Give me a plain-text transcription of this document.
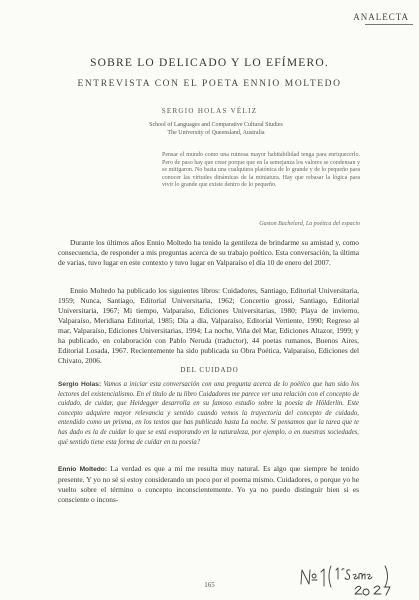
ANALECTA
SOBRE LO DELICADO Y LO EFÍMERO.
ENTREVISTA CON EL POETA ENNIO MOLTEDO
SERGIO HOLAS VÉLIZ
School of Languages and Comparative Cultural Studies
The University of Queensland, Australia
Pensar el mundo como una ruinosa mayor habitabilidad tenga para enriquecerlo. Pero de paso hay que crear porque que en la semejanza los valores se condensan y se mitigaron. No basta una cualquiera platónica de lo grande y de lo pequeño para conocer las virtudes dinámicas de la miniatura. Hay que rebasar la lógica para vivir lo grande que existe dentro de lo pequeño.
Gaston Bachelard, La poética del espacio
Durante los últimos años Ennio Moltedo ha tenido la gentileza de brindarme su amistad y, como consecuencia, de responder a mis preguntas acerca de su trabajo poético. Esta conversación, la última de varias, tuvo lugar en este contexto y tuvo lugar en Valparaíso el día 10 de enero del 2007.
Ennio Moltedo ha publicado los siguientes libros: Cuidadores, Santiago, Editorial Universitaria, 1959; Nunca, Santiago, Editorial Universitaria, 1962; Concertio grossi, Santiago, Editorial Universitaria, 1967; Mi tiempo, Valparaíso, Ediciones Universitarias, 1980; Playa de invierno, Valparaíso, Meridiana Editorial, 1985; Día a día, Valparaíso, Editorial Vertiente, 1990; Regreso al mar, Valparaíso, Ediciones Universitarias, 1994; La noche, Viña del Mar, Ediciones Altazor, 1999; y ha publicado, en colaboración con Pablo Neruda (traductor), 44 poetas rumanos, Buenos Aires, Editorial Losada, 1967. Recientemente ha sido publicada su Obra Poética, Valparaíso, Ediciones del Chivato, 2006.
DEL CUIDADO
Sergio Holas: Vamos a iniciar esta conversación con una pregunta acerca de lo poético que han sido los lectores del existencialismo. En el título de tu libro Cuidadores me parece ver una relación con el concepto de cuidado, de cuidar, que Heidegger desarrolla en su famoso estudio sobre la poesía de Hölderlin. Este concepto adquiere mayor relevancia y sentido cuando vemos la trayectoria del concepto de cuidado, entendido como un prisma, en los textos que has publicado hasta La noche. Si pensamos que la tarea que te has dado es la de cuidar lo que se está evaporando en la naturaleza, por ejemplo, o en nuestras sociedades, qué sentido tiene esta forma de cuidar en tu poesía?
Ennio Moltedo: La verdad es que a mí me resulta muy natural. Es algo que siempre he tenido presente. Y yo no sé si estoy considerando un poco por el poema mismo. Cuidadores, o porque yo he vuelto sobre el término o concepto inconscientemente. Yo ya no puedo distinguir bien si es consciente o incons-
165
